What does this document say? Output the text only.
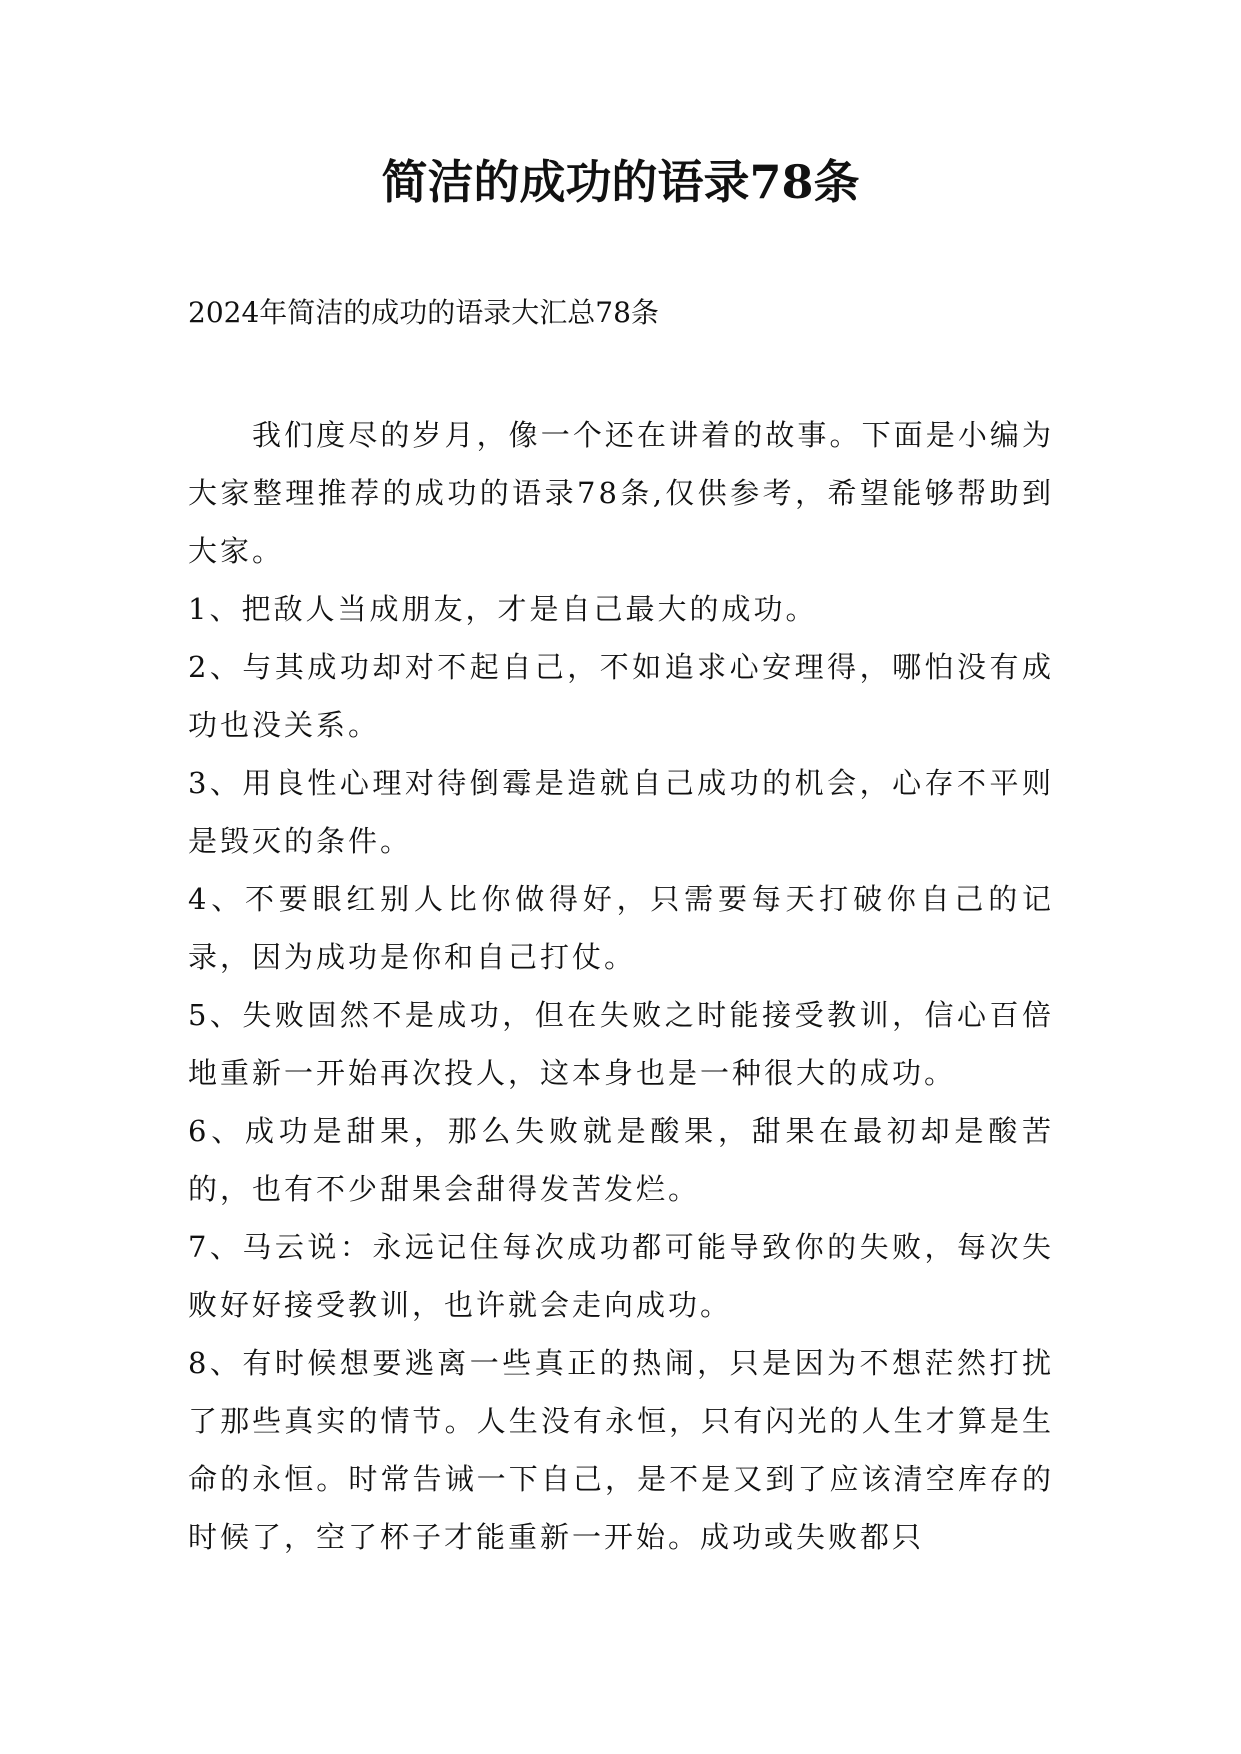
简洁的成功的语录78条

2024年简洁的成功的语录大汇总78条

我们度尽的岁月，像一个还在讲着的故事。下面是小编为大家整理推荐的成功的语录78条,仅供参考，希望能够帮助到大家。

1、把敌人当成朋友，才是自己最大的成功。

2、与其成功却对不起自己，不如追求心安理得，哪怕没有成功也没关系。

3、用良性心理对待倒霉是造就自己成功的机会，心存不平则是毁灭的条件。

4、不要眼红别人比你做得好，只需要每天打破你自己的记录，因为成功是你和自己打仗。

5、失败固然不是成功，但在失败之时能接受教训，信心百倍地重新一开始再次投人，这本身也是一种很大的成功。

6、成功是甜果，那么失败就是酸果，甜果在最初却是酸苦的，也有不少甜果会甜得发苦发烂。

7、马云说：永远记住每次成功都可能导致你的失败，每次失败好好接受教训，也许就会走向成功。

8、有时候想要逃离一些真正的热闹，只是因为不想茫然打扰了那些真实的情节。人生没有永恒，只有闪光的人生才算是生命的永恒。时常告诫一下自己，是不是又到了应该清空库存的时候了，空了杯子才能重新一开始。成功或失败都只
